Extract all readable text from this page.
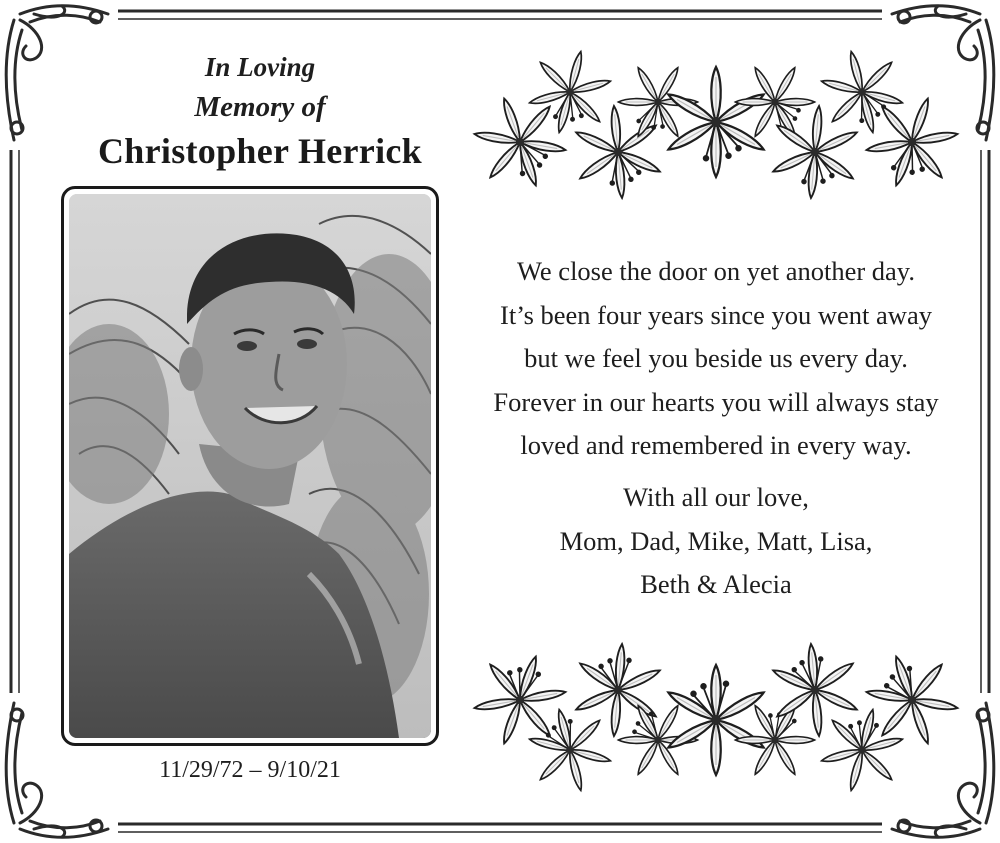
In Loving
Memory of
Christopher Herrick
11/29/72 – 9/10/21
We close the door on yet another day.
It’s been four years since you went away
but we feel you beside us every day.
Forever in our hearts you will always stay
loved and remembered in every way.
With all our love,
Mom, Dad, Mike, Matt, Lisa,
Beth & Alecia
